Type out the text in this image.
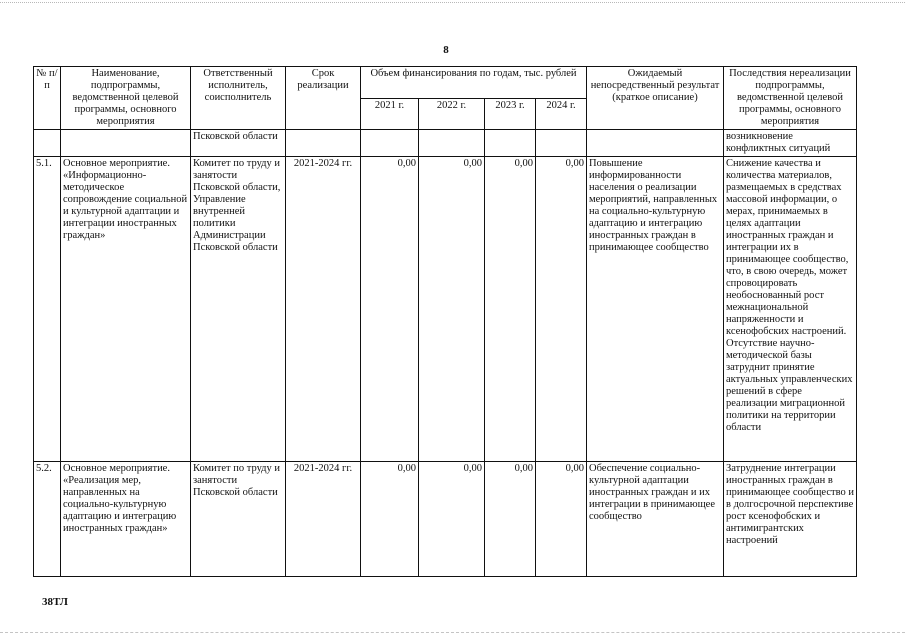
8
№ п/п	Наименование, подпрограммы, ведомственной целевой программы, основного мероприятия	Ответственный исполнитель, соисполнитель	Срок реализации	Объем финансирования по годам, тыс. рублей				Ожидаемый непосредственный результат (краткое описание)	Последствия нереализации подпрограммы, ведомственной целевой программы, основного мероприятия
				2021 г.	2022 г.	2023 г.	2024 г.		
		Псковской области							возникновение конфликтных ситуаций
5.1.	Основное мероприятие. «Информационно-методическое сопровождение социальной и культурной адаптации и интеграции иностранных граждан»	Комитет по труду и занятости Псковской области, Управление внутренней политики Администрации Псковской области	2021-2024 гг.	0,00	0,00	0,00	0,00	Повышение информированности населения о реализации мероприятий, направленных на социально-культурную адаптацию и интеграцию иностранных граждан в принимающее сообщество	Снижение качества и количества материалов, размещаемых в средствах массовой информации, о мерах, принимаемых в целях адаптации иностранных граждан и интеграции их в принимающее сообщество, что, в свою очередь, может спровоцировать необоснованный рост межнациональной напряженности и ксенофобских настроений. Отсутствие научно-методической базы затруднит принятие актуальных управленческих решений в сфере реализации миграционной политики на территории области
5.2.	Основное мероприятие. «Реализация мер, направленных на социально-культурную адаптацию и интеграцию иностранных граждан»	Комитет по труду и занятости Псковской области	2021-2024 гг.	0,00	0,00	0,00	0,00	Обеспечение социально-культурной адаптации иностранных граждан и их интеграции в принимающее сообщество	Затруднение интеграции иностранных граждан в принимающее сообщество и в долгосрочной перспективе рост ксенофобских и антимигрантских настроений
38ТЛ
